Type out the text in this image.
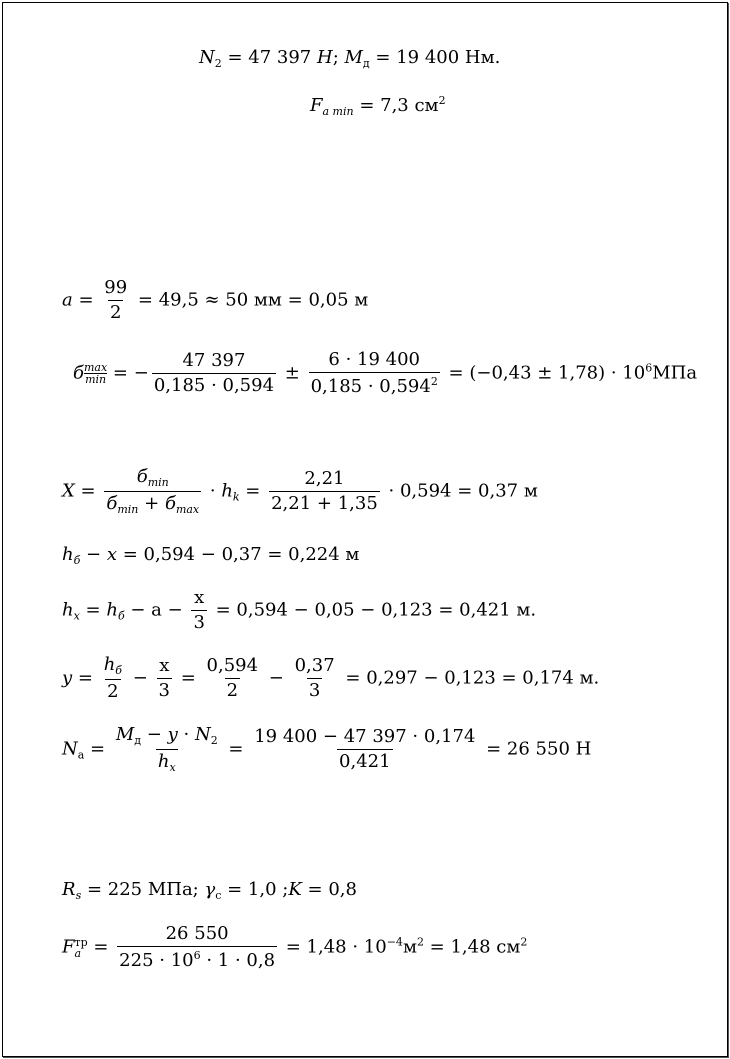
$N_2 = 47$ 397 Н; $M_д = 19$ 400 Нм.
$F_{a min} = 7,3$ $см^2$
$a = \frac{99}{2} = 49,5 \approx 50$ мм = 0,05 м
б max
min = − $\frac{47 397}{0,185 \cdot 0,594} \pm \frac{6 \cdot 19 400}{0,185 \cdot 0,594^2} = (-0,43 \pm 1,78) \cdot 10^6МПа$
$X = \frac{б_{min}}{б_{min} + б_{max}} \cdot h_k = \frac{2,21}{2,21 + 1,35} \cdot 0,594 = 0,37$ м
$h_б - x = 0,594 - 0,37 = 0,224$ м
$h_x = h_б - a - \frac{x}{3} = 0,594 - 0,05 - 0,123 = 0,421$ м.
$y = \frac{h_б}{2} - \frac{x}{3} = \frac{0,594}{2} - \frac{0,37}{3} = 0,297 - 0,123 = 0,174$ м.
$N_a = \frac{M_д - y \cdot N_2}{h_x} = \frac{19 400 - 47 397 \cdot 0,174}{0,421} = 26$ 550 Н
$R_s = 225$ МПа; $\gamma_c = 1,0$ ;K = 0,8
F тр
$a = \frac{26 550}{225 \cdot 10^6 \cdot 1 \cdot 0,8} = 1,48 \cdot 10^{-4}м^2 = 1,48$ $см^2$
